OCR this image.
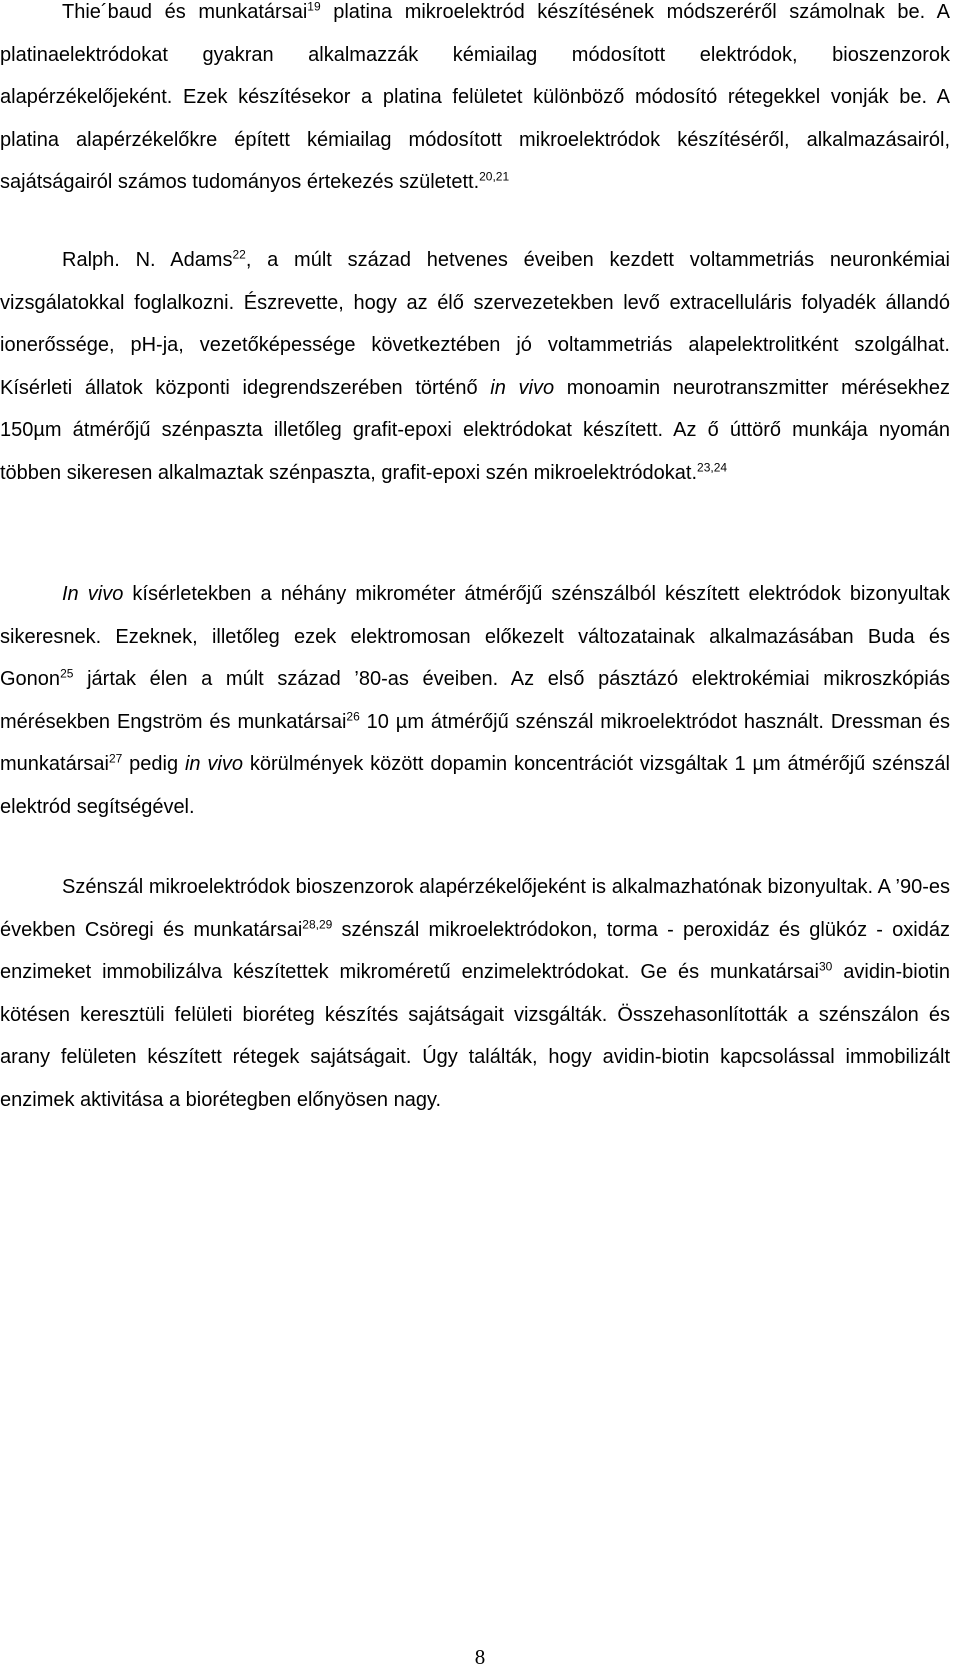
Thie´baud és munkatársai$^{19}$ platina mikroelektród készítésének módszeréről számolnak be. A platinaelektródokat gyakran alkalmazzák kémiailag módosított elektródok, bioszenzorok alapérzékelőjeként. Ezek készítésekor a platina felületet különböző módosító rétegekkel vonják be. A platina alapérzékelőkre épített kémiailag módosított mikroelektródok készítéséről, alkalmazásairól, sajátságairól számos tudományos értekezés született.$^{20,21}$

Ralph. N. Adams$^{22}$, a múlt század hetvenes éveiben kezdett voltammetriás neuronkémiai vizsgálatokkal foglalkozni. Észrevette, hogy az élő szervezetekben levő extracelluláris folyadék állandó ionerőssége, pH-ja, vezetőképessége következtében jó voltammetriás alapelektrolitként szolgálhat. Kísérleti állatok központi idegrendszerében történő in vivo monoamin neurotranszmitter mérésekhez 150µm átmérőjű szénpaszta illetőleg grafit-epoxi elektródokat készített. Az ő úttörő munkája nyomán többen sikeresen alkalmaztak szénpaszta, grafit-epoxi szén mikroelektródokat.$^{23,24}$

In vivo kísérletekben a néhány mikrométer átmérőjű szénszálból készített elektródok bizonyultak sikeresnek. Ezeknek, illetőleg ezek elektromosan előkezelt változatainak alkalmazásában Buda és Gonon$^{25}$ jártak élen a múlt század ’80-as éveiben. Az első pásztázó elektrokémiai mikroszkópiás mérésekben Engström és munkatársai$^{26}$ 10 µm átmérőjű szénszál mikroelektródot használt. Dressman és munkatársai$^{27}$ pedig in vivo körülmények között dopamin koncentrációt vizsgáltak 1 µm átmérőjű szénszál elektród segítségével.

Szénszál mikroelektródok bioszenzorok alapérzékelőjeként is alkalmazhatónak bizonyultak. A ’90-es években Csöregi és munkatársai$^{28,29}$ szénszál mikroelektródokon, torma - peroxidáz és glükóz - oxidáz enzimeket immobilizálva készítettek mikroméretű enzimelektródokat. Ge és munkatársai$^{30}$ avidin-biotin kötésen keresztüli felületi bioréteg készítés sajátságait vizsgálták. Összehasonlították a szénszálon és arany felületen készített rétegek sajátságait. Úgy találták, hogy avidin-biotin kapcsolással immobilizált enzimek aktivitása a biorétegben előnyösen nagy.

8
